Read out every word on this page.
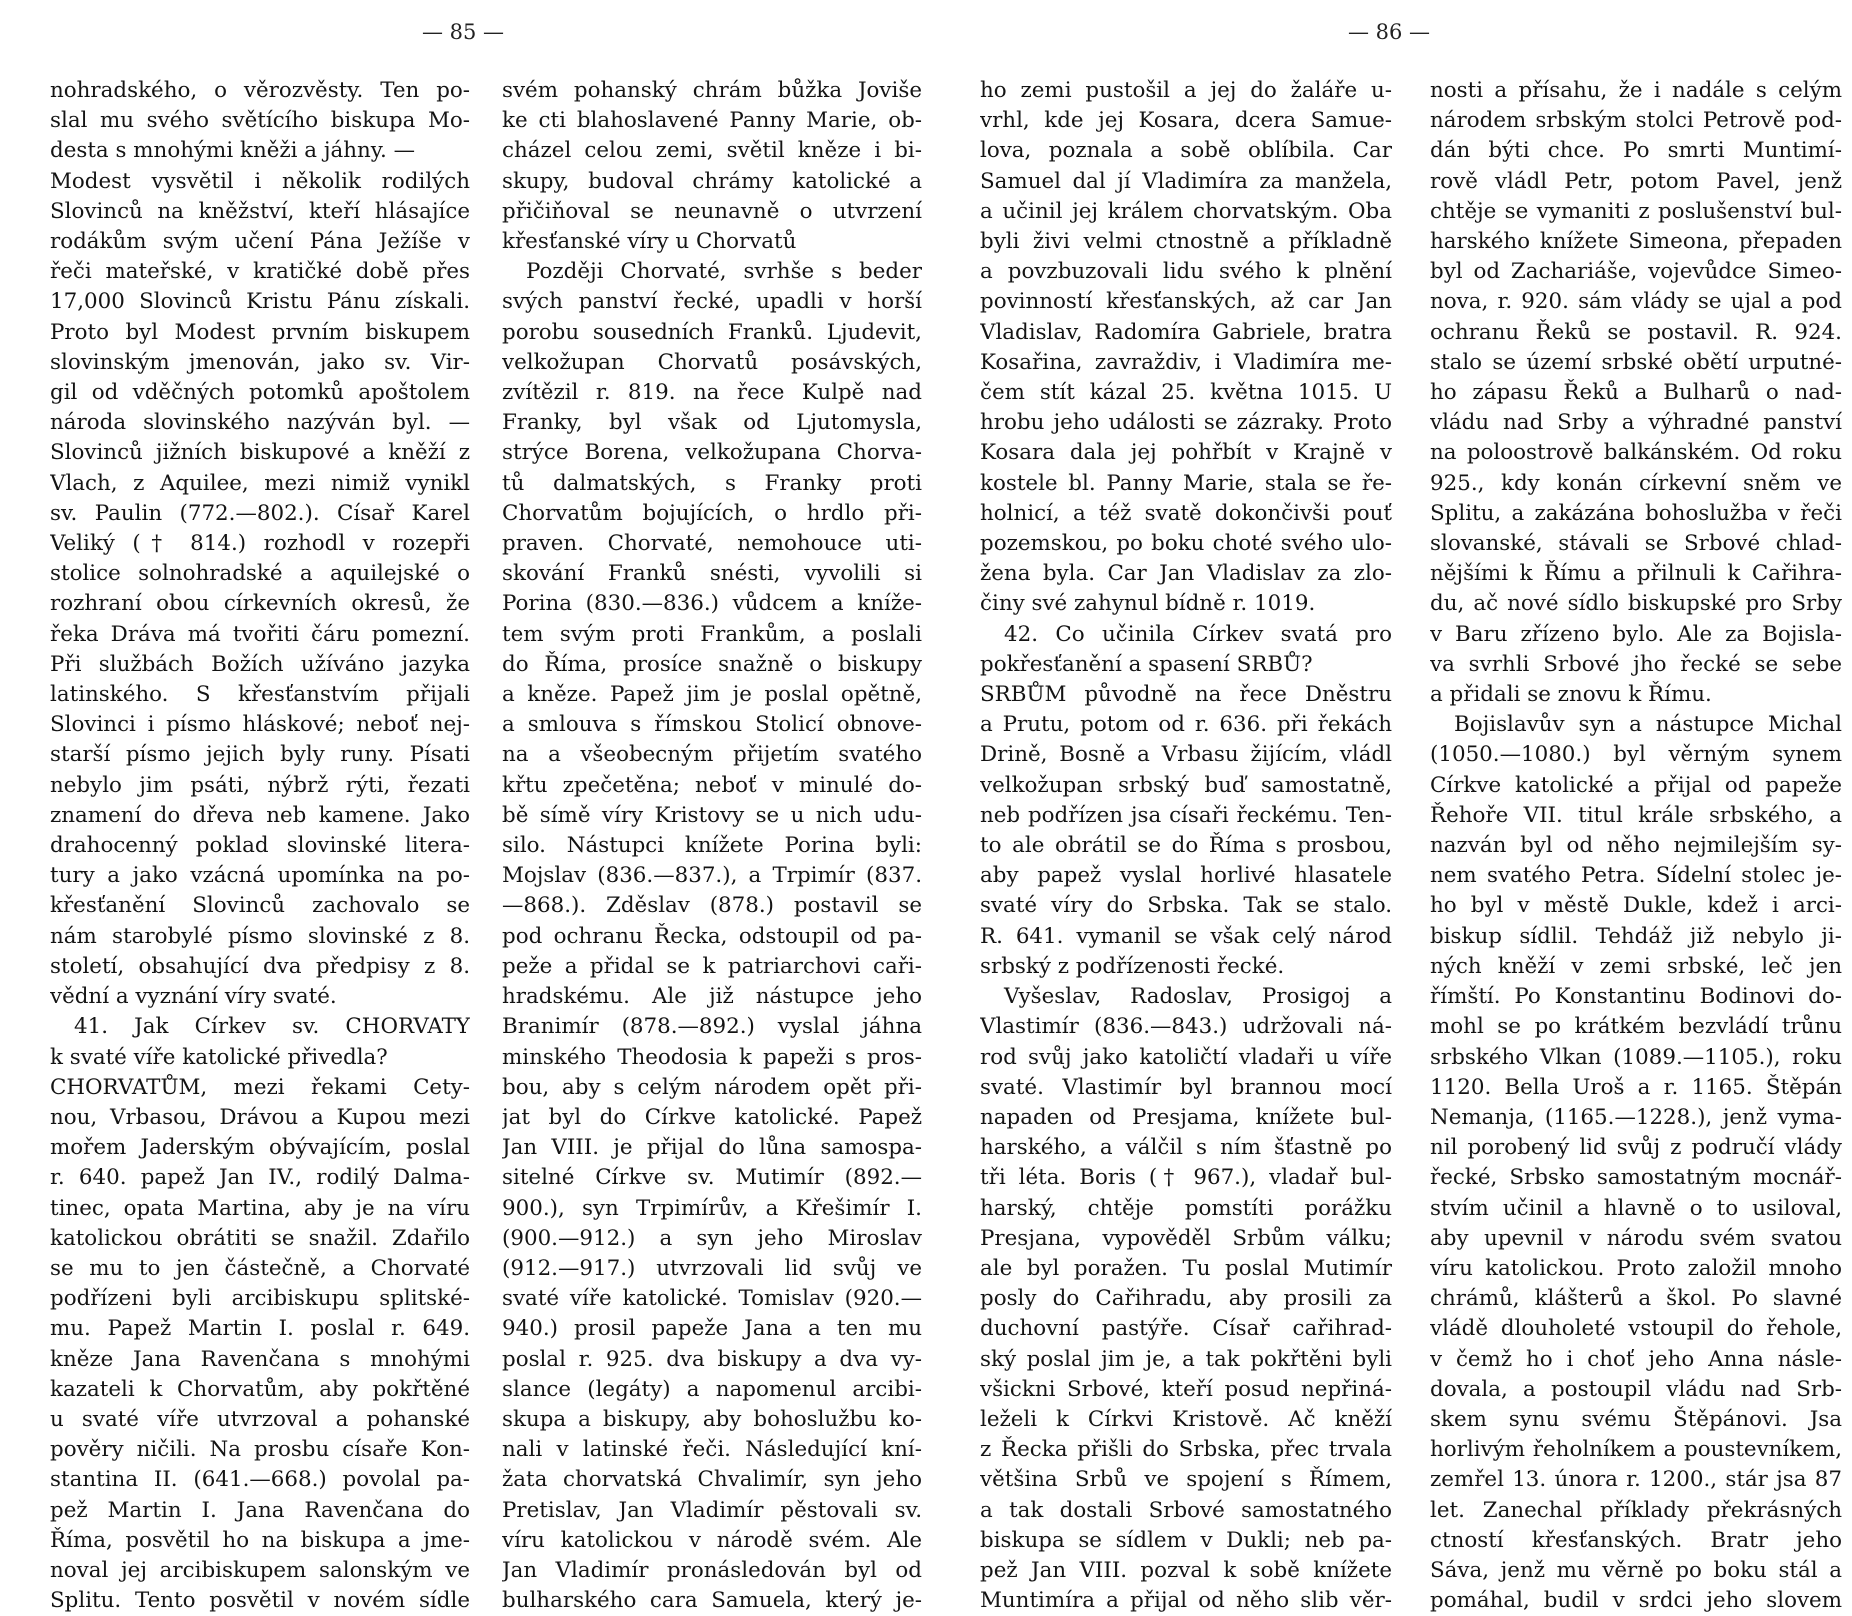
— 85 —

nohradského, o věrozvěsty. Ten po-

slal mu svého světícího biskupa Mo-

desta s mnohými kněži a jáhny. —

Modest vysvětil i několik rodilých

Slovinců na kněžství, kteří hlásajíce

rodákům svým učení Pána Ježíše v

řeči mateřské, v kratičké době přes

17,000 Slovinců Kristu Pánu získali.

Proto byl Modest prvním biskupem

slovinským jmenován, jako sv. Vir-

gil od vděčných potomků apoštolem

národa slovinského nazýván byl. —

Slovinců jižních biskupové a kněží z

Vlach, z Aquilee, mezi nimiž vynikl

sv. Paulin (772.—802.). Císař Karel

Veliký († 814.) rozhodl v rozepři

stolice solnohradské a aquilejské o

rozhraní obou církevních okresů, že

řeka Dráva má tvořiti čáru pomezní.

Při službách Božích užíváno jazyka

latinského. S křesťanstvím přijali

Slovinci i písmo hláskové; neboť nej-

starší písmo jejich byly runy. Písati

nebylo jim psáti, nýbrž rýti, řezati

znamení do dřeva neb kamene. Jako

drahocenný poklad slovinské litera-

tury a jako vzácná upomínka na po-

křesťanění Slovinců zachovalo se

nám starobylé písmo slovinské z 8.

století, obsahující dva předpisy z 8.

vědní a vyznání víry svaté.

41. Jak Církev sv. CHORVATY

k svaté víře katolické přivedla?

CHORVATŮM, mezi řekami Cety-

nou, Vrbasou, Drávou a Kupou mezi

mořem Jaderským obývajícím, poslal

r. 640. papež Jan IV., rodilý Dalma-

tinec, opata Martina, aby je na víru

katolickou obrátiti se snažil. Zdařilo

se mu to jen částečně, a Chorvaté

podřízeni byli arcibiskupu splitské-

mu. Papež Martin I. poslal r. 649.

kněze Jana Ravenčana s mnohými

kazateli k Chorvatům, aby pokřtěné

u svaté víře utvrzoval a pohanské

pověry ničili. Na prosbu císaře Kon-

stantina II. (641.—668.) povolal pa-

pež Martin I. Jana Ravenčana do

Říma, posvětil ho na biskupa a jme-

noval jej arcibiskupem salonským ve

Splitu. Tento posvětil v novém sídle

svém pohanský chrám bůžka Joviše

ke cti blahoslavené Panny Marie, ob-

cházel celou zemi, světil kněze i bi-

skupy, budoval chrámy katolické a

přičiňoval se neunavně o utvrzení

křesťanské víry u Chorvatů

Později Chorvaté, svrhše s beder

svých panství řecké, upadli v horší

porobu sousedních Franků. Ljudevit,

velkožupan Chorvatů posávských,

zvítězil r. 819. na řece Kulpě nad

Franky, byl však od Ljutomysla,

strýce Borena, velkožupana Chorva-

tů dalmatských, s Franky proti

Chorvatům bojujících, o hrdlo při-

praven. Chorvaté, nemohouce uti-

skování Franků snésti, vyvolili si

Porina (830.—836.) vůdcem a kníže-

tem svým proti Frankům, a poslali

do Říma, prosíce snažně o biskupy

a kněze. Papež jim je poslal opětně,

a smlouva s římskou Stolicí obnove-

na a všeobecným přijetím svatého

křtu zpečetěna; neboť v minulé do-

bě símě víry Kristovy se u nich udu-

silo. Nástupci knížete Porina byli:

Mojslav (836.—837.), a Trpimír (837.

—868.). Zděslav (878.) postavil se

pod ochranu Řecka, odstoupil od pa-

peže a přidal se k patriarchovi caři-

hradskému. Ale již nástupce jeho

Branimír (878.—892.) vyslal jáhna

minského Theodosia k papeži s pros-

bou, aby s celým národem opět při-

jat byl do Církve katolické. Papež

Jan VIII. je přijal do lůna samospa-

sitelné Církve sv. Mutimír (892.—

900.), syn Trpimírův, a Křešimír I.

(900.—912.) a syn jeho Miroslav

(912.—917.) utvrzovali lid svůj ve

svaté víře katolické. Tomislav (920.—

940.) prosil papeže Jana a ten mu

poslal r. 925. dva biskupy a dva vy-

slance (legáty) a napomenul arcibi-

skupa a biskupy, aby bohoslužbu ko-

nali v latinské řeči. Následující kní-

žata chorvatská Chvalimír, syn jeho

Pretislav, Jan Vladimír pěstovali sv.

víru katolickou v národě svém. Ale

Jan Vladimír pronásledován byl od

bulharského cara Samuela, který je-

— 86 —

ho zemi pustošil a jej do žaláře u-

vrhl, kde jej Kosara, dcera Samue-

lova, poznala a sobě oblíbila. Car

Samuel dal jí Vladimíra za manžela,

a učinil jej králem chorvatským. Oba

byli živi velmi ctnostně a příkladně

a povzbuzovali lidu svého k plnění

povinností křesťanských, až car Jan

Vladislav, Radomíra Gabriele, bratra

Kosařina, zavraždiv, i Vladimíra me-

čem stít kázal 25. května 1015. U

hrobu jeho události se zázraky. Proto

Kosara dala jej pohřbít v Krajně v

kostele bl. Panny Marie, stala se ře-

holnicí, a též svatě dokončivši pouť

pozemskou, po boku choté svého ulo-

žena byla. Car Jan Vladislav za zlo-

činy své zahynul bídně r. 1019.

42. Co učinila Církev svatá pro

pokřesťanění a spasení SRBŮ?

SRBŮM původně na řece Dněstru

a Prutu, potom od r. 636. při řekách

Drině, Bosně a Vrbasu žijícím, vládl

velkožupan srbský buď samostatně,

neb podřízen jsa císaři řeckému. Ten-

to ale obrátil se do Říma s prosbou,

aby papež vyslal horlivé hlasatele

svaté víry do Srbska. Tak se stalo.

R. 641. vymanil se však celý národ

srbský z podřízenosti řecké.

Vyšeslav, Radoslav, Prosigoj a

Vlastimír (836.—843.) udržovali ná-

rod svůj jako katoličtí vladaři u víře

svaté. Vlastimír byl brannou mocí

napaden od Presjama, knížete bul-

harského, a válčil s ním šťastně po

tři léta. Boris († 967.), vladař bul-

harský, chtěje pomstíti porážku

Presjana, vypověděl Srbům válku;

ale byl poražen. Tu poslal Mutimír

posly do Cařihradu, aby prosili za

duchovní pastýře. Císař cařihrad-

ský poslal jim je, a tak pokřtěni byli

všickni Srbové, kteří posud nepřiná-

leželi k Církvi Kristově. Ač kněží

z Řecka přišli do Srbska, přec trvala

většina Srbů ve spojení s Římem,

a tak dostali Srbové samostatného

biskupa se sídlem v Dukli; neb pa-

pež Jan VIII. pozval k sobě knížete

Muntimíra a přijal od něho slib věr-

nosti a přísahu, že i nadále s celým

národem srbským stolci Petrově pod-

dán býti chce. Po smrti Muntimí-

rově vládl Petr, potom Pavel, jenž

chtěje se vymaniti z poslušenství bul-

harského knížete Simeona, přepaden

byl od Zachariáše, vojevůdce Simeo-

nova, r. 920. sám vlády se ujal a pod

ochranu Řeků se postavil. R. 924.

stalo se území srbské obětí urputné-

ho zápasu Řeků a Bulharů o nad-

vládu nad Srby a výhradné panství

na poloostrově balkánském. Od roku

925., kdy konán církevní sněm ve

Splitu, a zakázána bohoslužba v řeči

slovanské, stávali se Srbové chlad-

nějšími k Římu a přilnuli k Cařihra-

du, ač nové sídlo biskupské pro Srby

v Baru zřízeno bylo. Ale za Bojisla-

va svrhli Srbové jho řecké se sebe

a přidali se znovu k Římu.

Bojislavův syn a nástupce Michal

(1050.—1080.) byl věrným synem

Církve katolické a přijal od papeže

Řehoře VII. titul krále srbského, a

nazván byl od něho nejmilejším sy-

nem svatého Petra. Sídelní stolec je-

ho byl v městě Dukle, kdež i arci-

biskup sídlil. Tehdáž již nebylo ji-

ných kněží v zemi srbské, leč jen

římští. Po Konstantinu Bodinovi do-

mohl se po krátkém bezvládí trůnu

srbského Vlkan (1089.—1105.), roku

1120. Bella Uroš a r. 1165. Štěpán

Nemanja, (1165.—1228.), jenž vyma-

nil porobený lid svůj z područí vlády

řecké, Srbsko samostatným mocnář-

stvím učinil a hlavně o to usiloval,

aby upevnil v národu svém svatou

víru katolickou. Proto založil mnoho

chrámů, klášterů a škol. Po slavné

vládě dlouholeté vstoupil do řehole,

v čemž ho i choť jeho Anna násle-

dovala, a postoupil vládu nad Srb-

skem synu svému Štěpánovi. Jsa

horlivým řeholníkem a poustevníkem,

zemřel 13. února r. 1200., stár jsa 87

let. Zanechal příklady překrásných

ctností křesťanských. Bratr jeho

Sáva, jenž mu věrně po boku stál a

pomáhal, budil v srdci jeho slovem
